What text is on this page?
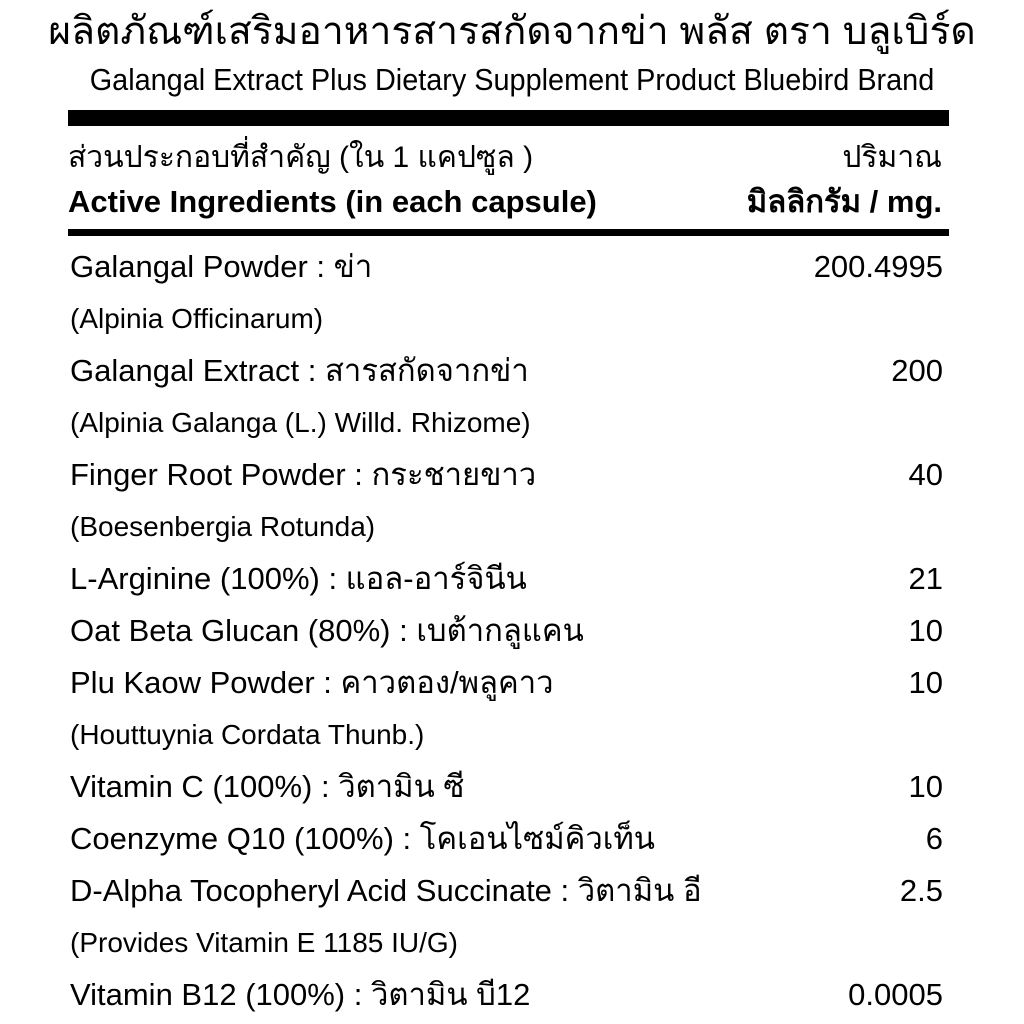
ผลิตภัณฑ์เสริมอาหารสารสกัดจากข่า พลัส ตรา บลูเบิร์ด
Galangal Extract Plus Dietary Supplement Product Bluebird Brand
ส่วนประกอบที่สำคัญ (ใน 1 แคปซูล )	ปริมาณ
Active Ingredients (in each capsule)	มิลลิกรัม / mg.
Galangal Powder : ข่า	200.4995
(Alpinia Officinarum)
Galangal Extract : สารสกัดจากข่า	200
(Alpinia Galanga (L.) Willd. Rhizome)
Finger Root Powder : กระชายขาว	40
(Boesenbergia Rotunda)
L-Arginine (100%) : แอล-อาร์จินีน	21
Oat Beta Glucan (80%) : เบต้ากลูแคน	10
Plu Kaow Powder : คาวตอง/พลูคาว	10
(Houttuynia Cordata Thunb.)
Vitamin C (100%) : วิตามิน ซี	10
Coenzyme Q10 (100%) : โคเอนไซม์คิวเท็น	6
D-Alpha Tocopheryl Acid Succinate : วิตามิน อี	2.5
(Provides Vitamin E 1185 IU/G)
Vitamin B12 (100%) : วิตามิน บี12	0.0005
